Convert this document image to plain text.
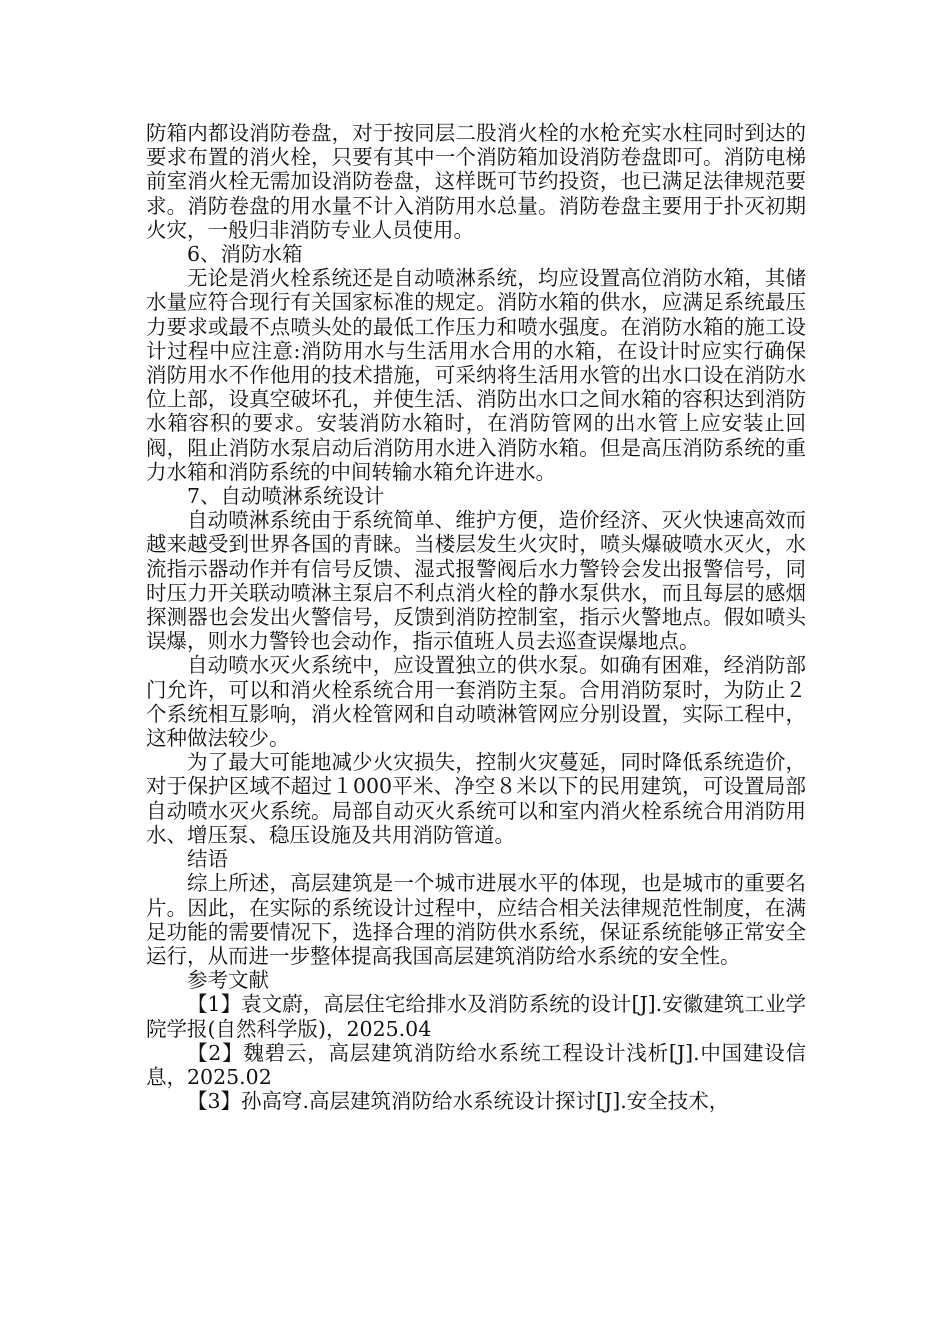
防箱内都设消防卷盘，对于按同层二股消火栓的水枪充实水柱同时到达的要求布置的消火栓，只要有其中一个消防箱加设消防卷盘即可。消防电梯前室消火栓无需加设消防卷盘，这样既可节约投资，也已满足法律规范要求。消防卷盘的用水量不计入消防用水总量。消防卷盘主要用于扑灭初期火灾，一般归非消防专业人员使用。

6、消防水箱

无论是消火栓系统还是自动喷淋系统，均应设置高位消防水箱，其储水量应符合现行有关国家标准的规定。消防水箱的供水，应满足系统最压力要求或最不点喷头处的最低工作压力和喷水强度。在消防水箱的施工设计过程中应注意:消防用水与生活用水合用的水箱，在设计时应实行确保消防用水不作他用的技术措施，可采纳将生活用水管的出水口设在消防水位上部，设真空破坏孔，并使生活、消防出水口之间水箱的容积达到消防水箱容积的要求。安装消防水箱时，在消防管网的出水管上应安装止回阀，阻止消防水泵启动后消防用水进入消防水箱。但是高压消防系统的重力水箱和消防系统的中间转输水箱允许进水。

7、自动喷淋系统设计

自动喷淋系统由于系统简单、维护方便，造价经济、灭火快速高效而越来越受到世界各国的青睐。当楼层发生火灾时，喷头爆破喷水灭火，水流指示器动作并有信号反馈、湿式报警阀后水力警铃会发出报警信号，同时压力开关联动喷淋主泵启不利点消火栓的静水泵供水，而且每层的感烟探测器也会发出火警信号，反馈到消防控制室，指示火警地点。假如喷头误爆，则水力警铃也会动作，指示值班人员去巡查误爆地点。

自动喷水灭火系统中，应设置独立的供水泵。如确有困难，经消防部门允许，可以和消火栓系统合用一套消防主泵。合用消防泵时，为防止２个系统相互影响，消火栓管网和自动喷淋管网应分别设置，实际工程中，这种做法较少。

为了最大可能地减少火灾损失，控制火灾蔓延，同时降低系统造价，对于保护区域不超过１000平米、净空８米以下的民用建筑，可设置局部自动喷水灭火系统。局部自动灭火系统可以和室内消火栓系统合用消防用水、增压泵、稳压设施及共用消防管道。

结语

综上所述，高层建筑是一个城市进展水平的体现，也是城市的重要名片。因此，在实际的系统设计过程中，应结合相关法律规范性制度，在满足功能的需要情况下，选择合理的消防供水系统，保证系统能够正常安全运行，从而进一步整体提高我国高层建筑消防给水系统的安全性。

参考文献

【1】袁文蔚，高层住宅给排水及消防系统的设计[J].安徽建筑工业学院学报(自然科学版)，2025.04

【2】魏碧云，高层建筑消防给水系统工程设计浅析[J].中国建设信息，2025.02

【3】孙高穹.高层建筑消防给水系统设计探讨[J].安全技术，
